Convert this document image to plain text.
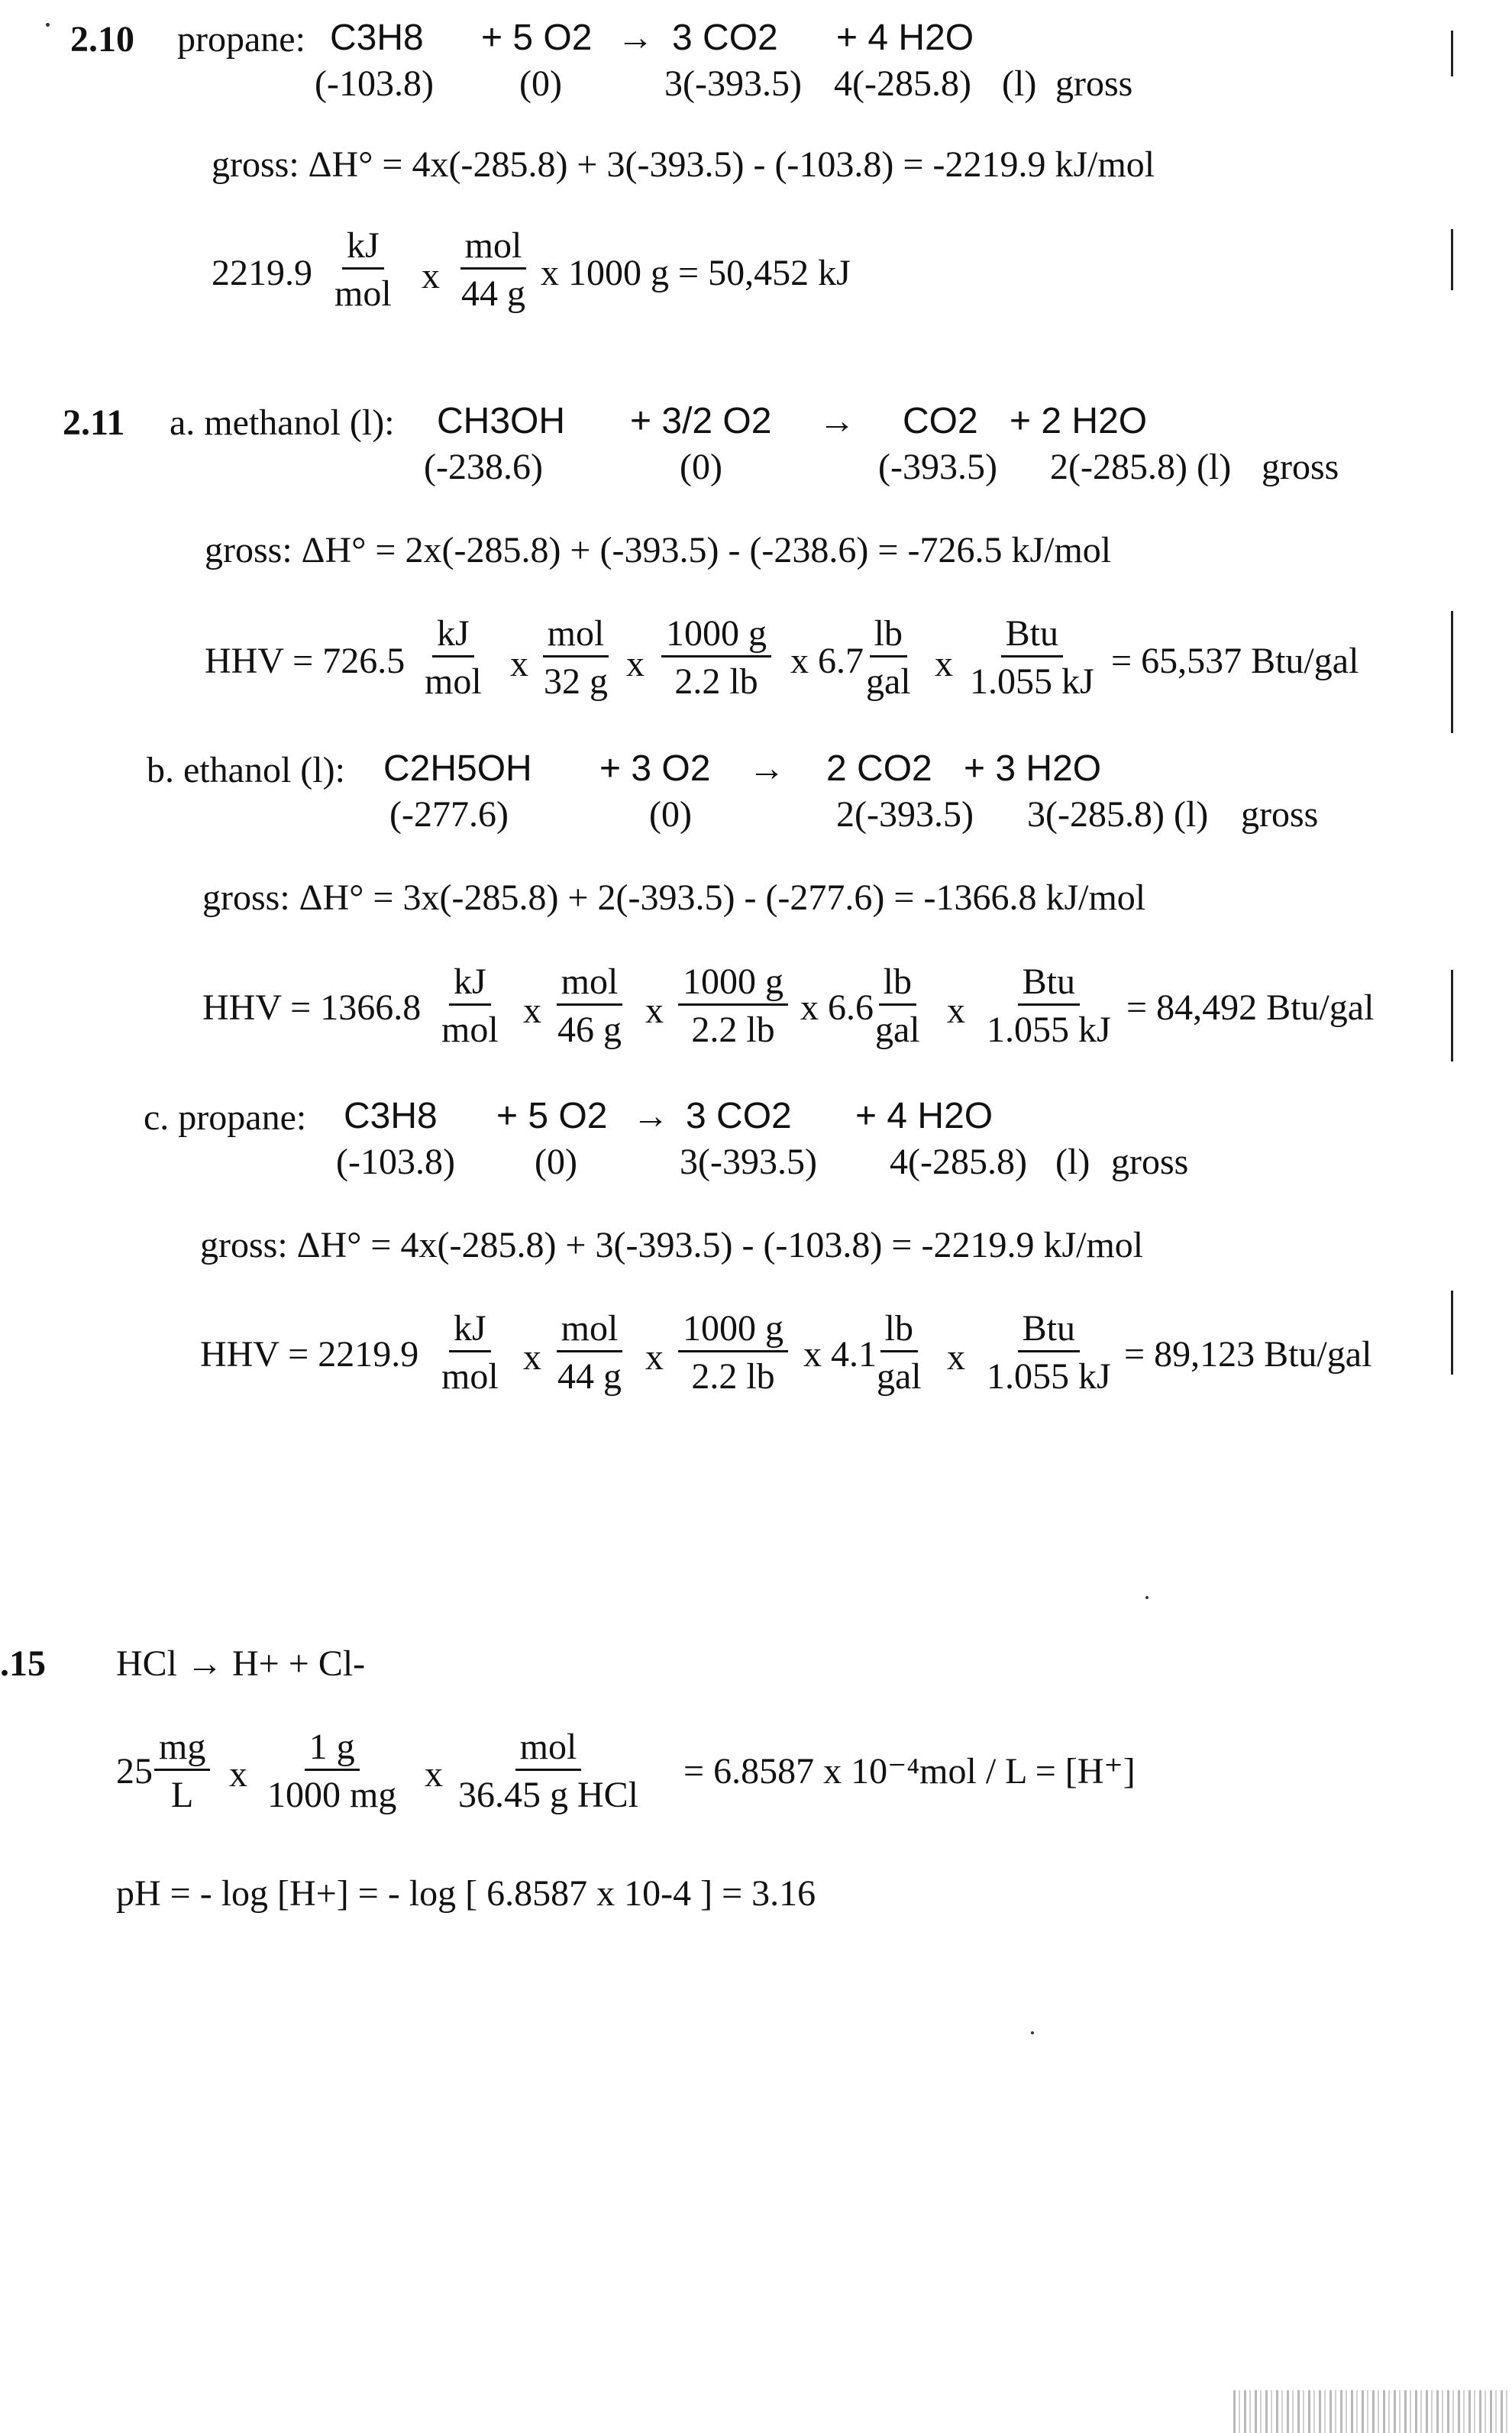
2.10 propane: C3H8 + 5 O2 → 3 CO2 + 4 H2O
(-103.8) (0)	3(-393.5) 4(-285.8) (l) gross
gross: ΔH° = 4x(-285.8) + 3(-393.5) - (-103.8) = -2219.9 kJ/mol
2219.9
kJ
mol x
mol
44 g
x 1000 g = 50,452 kJ
2.11 a. methanol (l): CH3OH + 3/2 O2 → CO2 + 2 H2O
(-238.6)	(0)	(-393.5) 2(-285.8) (l) gross
gross: ΔH° = 2x(-285.8) + (-393.5) - (-238.6) = -726.5 kJ/mol
HHV = 726.5
kJ
mol x
mol
32 g x $\frac{1000 g}{2.2 lb}$ x 6.7
lb
gal x
Btu
1.055 kJ
= 65,537 Btu/gal
b. ethanol (l): C2H5OH + 3 O2 → 2 CO2 + 3 H2O
(-277.6)	(0)	2(-393.5) 3(-285.8) (l) gross
gross: ΔH° = 3x(-285.8) + 2(-393.5) - (-277.6) = -1366.8 kJ/mol
HHV = 1366.8
kJ
mol x
mol
46 g x $\frac{1000 g}{2.2 lb}$ x 6.6
lb
gal x
Btu
1.055 kJ
= 84,492 Btu/gal
c. propane: C3H8 + 5 O2 → 3 CO2 + 4 H2O
(-103.8) (0)	3(-393.5) 4(-285.8) (l) gross
gross: ΔH° = 4x(-285.8) + 3(-393.5) - (-103.8) = -2219.9 kJ/mol
HHV = 2219.9
kJ
mol x
mol
44 g x $\frac{1000 g}{2.2 lb}$ x 4.1
lb
gal x
Btu
1.055 kJ
= 89,123 Btu/gal
.15 HCl → H+ + Cl-
$25 \frac{mg}{L}$ x $\frac{1 g}{1000 mg}$ x
mol
36.45 g HCl
= 6.8587 x 10⁻⁴mol / L = [H⁺]
pH = - log [H+] = - log [ 6.8587 x 10-4 ] = 3.16
